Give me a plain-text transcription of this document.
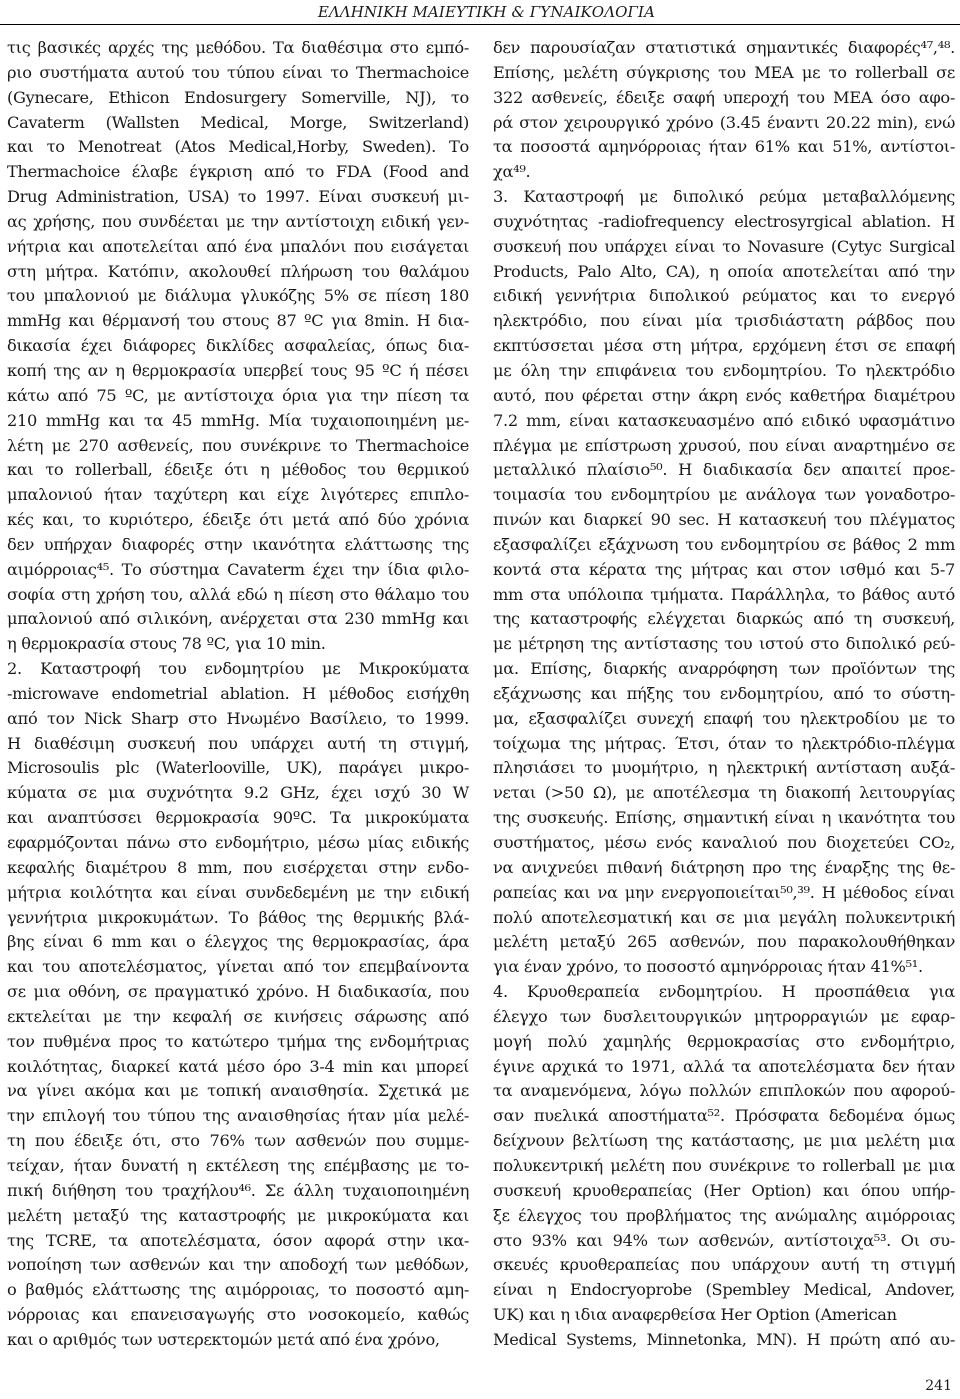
ΕΛΛΗΝΙΚΗ ΜΑΙΕΥΤΙΚΗ & ΓΥΝΑΙΚΟΛΟΓΙΑ
τις βασικές αρχές της μεθόδου. Τα διαθέσιμα στο εμπό-
ριο συστήματα αυτού του τύπου είναι το Thermachoice
(Gynecare, Ethicon Endosurgery Somerville, NJ), το
Cavaterm (Wallsten Medical, Morge, Switzerland)
και το Menotreat (Atos Medical,Horby, Sweden). Το
Thermachoice έλαβε έγκριση από το FDA (Food and
Drug Administration, USA) το 1997. Είναι συσκευή μι-
ας χρήσης, που συνδέεται με την αντίστοιχη ειδική γεν-
νήτρια και αποτελείται από ένα μπαλόνι που εισάγεται
στη μήτρα. Κατόπιν, ακολουθεί πλήρωση του θαλάμου
του μπαλονιού με διάλυμα γλυκόζης 5% σε πίεση 180
mmHg και θέρμανσή του στους 87 ºC για 8min. Η δια-
δικασία έχει διάφορες δικλίδες ασφαλείας, όπως δια-
κοπή της αν η θερμοκρασία υπερβεί τους 95 ºC ή πέσει
κάτω από 75 ºC, με αντίστοιχα όρια για την πίεση τα
210 mmHg και τα 45 mmHg. Μία τυχαιοποιημένη με-
λέτη με 270 ασθενείς, που συνέκρινε το Thermachoice
και το rollerball, έδειξε ότι η μέθοδος του θερμικού
μπαλονιού ήταν ταχύτερη και είχε λιγότερες επιπλο-
κές και, το κυριότερο, έδειξε ότι μετά από δύο χρόνια
δεν υπήρχαν διαφορές στην ικανότητα ελάττωσης της
αιμόρροιας⁴⁵. Το σύστημα Cavaterm έχει την ίδια φιλο-
σοφία στη χρήση του, αλλά εδώ η πίεση στο θάλαμο του
μπαλονιού από σιλικόνη, ανέρχεται στα 230 mmHg και
η θερμοκρασία στους 78 ºC, για 10 min.
2. Καταστροφή του ενδομητρίου με Μικροκύματα
-microwave endometrial ablation. Η μέθοδος εισήχθη
από τον Nick Sharp στο Ηνωμένο Βασίλειο, το 1999.
Η διαθέσιμη συσκευή που υπάρχει αυτή τη στιγμή,
Microsoulis plc (Waterlooville, UK), παράγει μικρο-
κύματα σε μια συχνότητα 9.2 GHz, έχει ισχύ 30 W
και αναπτύσσει θερμοκρασία 90ºC. Τα μικροκύματα
εφαρμόζονται πάνω στο ενδομήτριο, μέσω μίας ειδικής
κεφαλής διαμέτρου 8 mm, που εισέρχεται στην ενδο-
μήτρια κοιλότητα και είναι συνδεδεμένη με την ειδική
γεννήτρια μικροκυμάτων. Το βάθος της θερμικής βλά-
βης είναι 6 mm και ο έλεγχος της θερμοκρασίας, άρα
και του αποτελέσματος, γίνεται από τον επεμβαίνοντα
σε μια οθόνη, σε πραγματικό χρόνο. Η διαδικασία, που
εκτελείται με την κεφαλή σε κινήσεις σάρωσης από
τον πυθμένα προς το κατώτερο τμήμα της ενδομήτριας
κοιλότητας, διαρκεί κατά μέσο όρο 3-4 min και μπορεί
να γίνει ακόμα και με τοπική αναισθησία. Σχετικά με
την επιλογή του τύπου της αναισθησίας ήταν μία μελέ-
τη που έδειξε ότι, στο 76% των ασθενών που συμμε-
τείχαν, ήταν δυνατή η εκτέλεση της επέμβασης με το-
πική διήθηση του τραχήλου⁴⁶. Σε άλλη τυχαιοποιημένη
μελέτη μεταξύ της καταστροφής με μικροκύματα και
της TCRE, τα αποτελέσματα, όσον αφορά στην ικα-
νοποίηση των ασθενών και την αποδοχή των μεθόδων,
ο βαθμός ελάττωσης της αιμόρροιας, το ποσοστό αμη-
νόρροιας και επανεισαγωγής στο νοσοκομείο, καθώς
και ο αριθμός των υστερεκτομών μετά από ένα χρόνο,
δεν παρουσίαζαν στατιστικά σημαντικές διαφορές⁴⁷,⁴⁸.
Επίσης, μελέτη σύγκρισης του ΜΕΑ με το rollerball σε
322 ασθενείς, έδειξε σαφή υπεροχή του ΜΕΑ όσο αφο-
ρά στον χειρουργικό χρόνο (3.45 έναντι 20.22 min), ενώ
τα ποσοστά αμηνόρροιας ήταν 61% και 51%, αντίστοι-
χα⁴⁹.
3. Καταστροφή με διπολικό ρεύμα μεταβαλλόμενης
συχνότητας -radiofrequency electrosyrgical ablation. Η
συσκευή που υπάρχει είναι το Novasure (Cytyc Surgical
Products, Palo Alto, CA), η οποία αποτελείται από την
ειδική γεννήτρια διπολικού ρεύματος και το ενεργό
ηλεκτρόδιο, που είναι μία τρισδιάστατη ράβδος που
εκπτύσσεται μέσα στη μήτρα, ερχόμενη έτσι σε επαφή
με όλη την επιφάνεια του ενδομητρίου. Το ηλεκτρόδιο
αυτό, που φέρεται στην άκρη ενός καθετήρα διαμέτρου
7.2 mm, είναι κατασκευασμένο από ειδικό υφασμάτινο
πλέγμα με επίστρωση χρυσού, που είναι αναρτημένο σε
μεταλλικό πλαίσιο⁵⁰. Η διαδικασία δεν απαιτεί προε-
τοιμασία του ενδομητρίου με ανάλογα των γοναδοτρο-
πινών και διαρκεί 90 sec. Η κατασκευή του πλέγματος
εξασφαλίζει εξάχνωση του ενδομητρίου σε βάθος 2 mm
κοντά στα κέρατα της μήτρας και στον ισθμό και 5-7
mm στα υπόλοιπα τμήματα. Παράλληλα, το βάθος αυτό
της καταστροφής ελέγχεται διαρκώς από τη συσκευή,
με μέτρηση της αντίστασης του ιστού στο διπολικό ρεύ-
μα. Επίσης, διαρκής αναρρόφηση των προϊόντων της
εξάχνωσης και πήξης του ενδομητρίου, από το σύστη-
μα, εξασφαλίζει συνεχή επαφή του ηλεκτροδίου με το
τοίχωμα της μήτρας. Έτσι, όταν το ηλεκτρόδιο-πλέγμα
πλησιάσει το μυομήτριο, η ηλεκτρική αντίσταση αυξά-
νεται (>50 Ω), με αποτέλεσμα τη διακοπή λειτουργίας
της συσκευής. Επίσης, σημαντική είναι η ικανότητα του
συστήματος, μέσω ενός καναλιού που διοχετεύει CO₂,
να ανιχνεύει πιθανή διάτρηση προ της έναρξης της θε-
ραπείας και να μην ενεργοποιείται⁵⁰,³⁹. Η μέθοδος είναι
πολύ αποτελεσματική και σε μια μεγάλη πολυκεντρική
μελέτη μεταξύ 265 ασθενών, που παρακολουθήθηκαν
για έναν χρόνο, το ποσοστό αμηνόρροιας ήταν 41%⁵¹.
4. Κρυοθεραπεία ενδομητρίου. Η προσπάθεια για
έλεγχο των δυσλειτουργικών μητρορραγιών με εφαρ-
μογή πολύ χαμηλής θερμοκρασίας στο ενδομήτριο,
έγινε αρχικά το 1971, αλλά τα αποτελέσματα δεν ήταν
τα αναμενόμενα, λόγω πολλών επιπλοκών που αφορού-
σαν πυελικά αποστήματα⁵². Πρόσφατα δεδομένα όμως
δείχνουν βελτίωση της κατάστασης, με μια μελέτη μια
πολυκεντρική μελέτη που συνέκρινε το rollerball με μια
συσκευή κρυοθεραπείας (Her Option) και όπου υπήρ-
ξε έλεγχος του προβλήματος της ανώμαλης αιμόρροιας
στο 93% και 94% των ασθενών, αντίστοιχα⁵³. Οι συ-
σκευές κρυοθεραπείας που υπάρχουν αυτή τη στιγμή
είναι η Endocryoprobe (Spembley Medical, Andover,
UK) και η ιδια αναφερθείσα Her Option (American
Medical Systems, Minnetonka, MN). Η πρώτη από αυ-
241
